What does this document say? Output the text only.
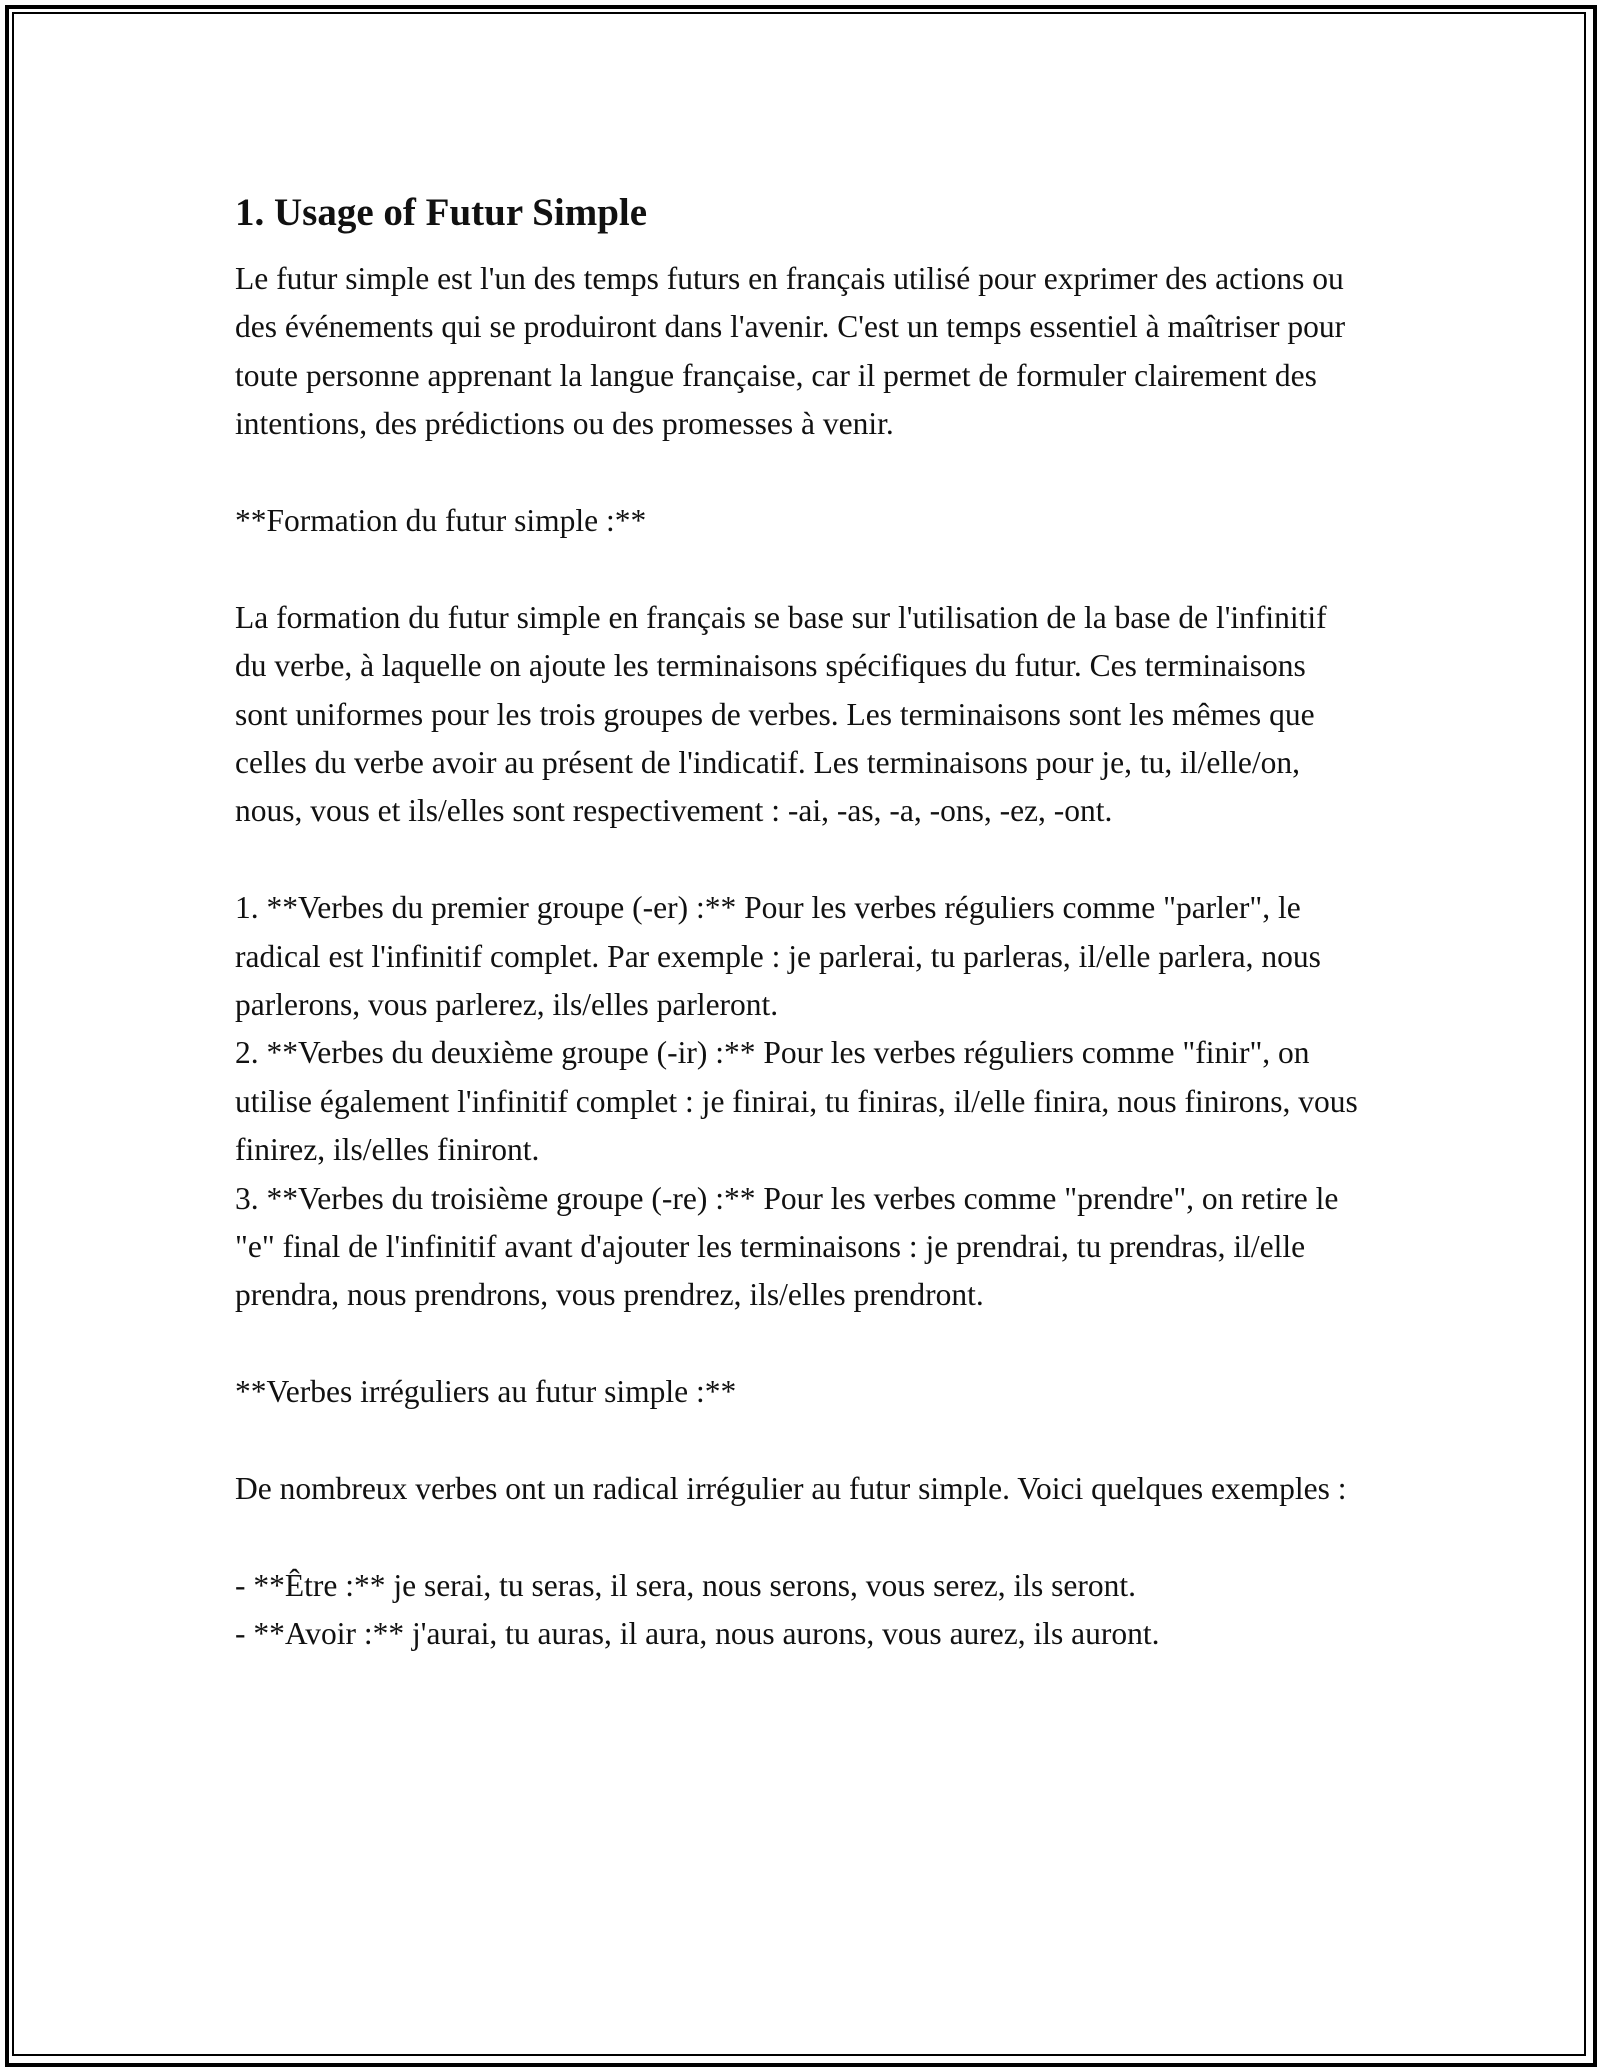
1. Usage of Futur Simple

Le futur simple est l'un des temps futurs en français utilisé pour exprimer des actions ou des événements qui se produiront dans l'avenir. C'est un temps essentiel à maîtriser pour toute personne apprenant la langue française, car il permet de formuler clairement des intentions, des prédictions ou des promesses à venir.

**Formation du futur simple :**

La formation du futur simple en français se base sur l'utilisation de la base de l'infinitif du verbe, à laquelle on ajoute les terminaisons spécifiques du futur. Ces terminaisons sont uniformes pour les trois groupes de verbes. Les terminaisons sont les mêmes que celles du verbe avoir au présent de l'indicatif. Les terminaisons pour je, tu, il/elle/on, nous, vous et ils/elles sont respectivement : -ai, -as, -a, -ons, -ez, -ont.

1. **Verbes du premier groupe (-er) :** Pour les verbes réguliers comme "parler", le radical est l'infinitif complet. Par exemple : je parlerai, tu parleras, il/elle parlera, nous parlerons, vous parlerez, ils/elles parleront.
2. **Verbes du deuxième groupe (-ir) :** Pour les verbes réguliers comme "finir", on utilise également l'infinitif complet : je finirai, tu finiras, il/elle finira, nous finirons, vous finirez, ils/elles finiront.
3. **Verbes du troisième groupe (-re) :** Pour les verbes comme "prendre", on retire le "e" final de l'infinitif avant d'ajouter les terminaisons : je prendrai, tu prendras, il/elle prendra, nous prendrons, vous prendrez, ils/elles prendront.

**Verbes irréguliers au futur simple :**

De nombreux verbes ont un radical irrégulier au futur simple. Voici quelques exemples :

- **Être :** je serai, tu seras, il sera, nous serons, vous serez, ils seront.
- **Avoir :** j'aurai, tu auras, il aura, nous aurons, vous aurez, ils auront.
